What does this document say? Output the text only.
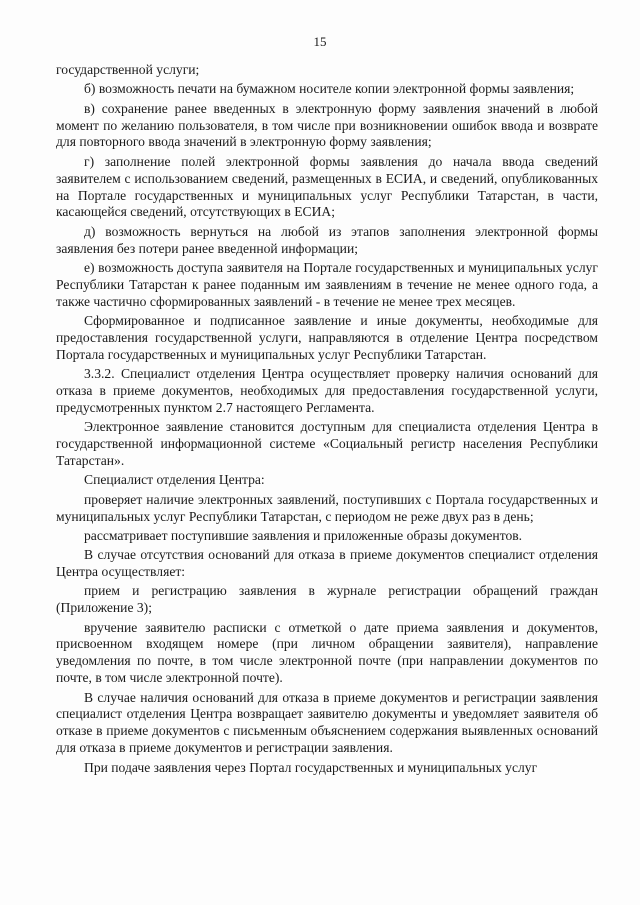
15

государственной услуги;

б) возможность печати на бумажном носителе копии электронной формы заявления;

в) сохранение ранее введенных в электронную форму заявления значений в любой момент по желанию пользователя, в том числе при возникновении ошибок ввода и возврате для повторного ввода значений в электронную форму заявления;

г) заполнение полей электронной формы заявления до начала ввода сведений заявителем с использованием сведений, размещенных в ЕСИА, и сведений, опубликованных на Портале государственных и муниципальных услуг Республики Татарстан, в части, касающейся сведений, отсутствующих в ЕСИА;

д) возможность вернуться на любой из этапов заполнения электронной формы заявления без потери ранее введенной информации;

е) возможность доступа заявителя на Портале государственных и муниципальных услуг Республики Татарстан к ранее поданным им заявлениям в течение не менее одного года, а также частично сформированных заявлений - в течение не менее трех месяцев.

Сформированное и подписанное заявление и иные документы, необходимые для предоставления государственной услуги, направляются в отделение Центра посредством Портала государственных и муниципальных услуг Республики Татарстан.

3.3.2. Специалист отделения Центра осуществляет проверку наличия оснований для отказа в приеме документов, необходимых для предоставления государственной услуги, предусмотренных пунктом 2.7 настоящего Регламента.

Электронное заявление становится доступным для специалиста отделения Центра в государственной информационной системе «Социальный регистр населения Республики Татарстан».

Специалист отделения Центра:

проверяет наличие электронных заявлений, поступивших с Портала государственных и муниципальных услуг Республики Татарстан, с периодом не реже двух раз в день;

рассматривает поступившие заявления и приложенные образы документов.

В случае отсутствия оснований для отказа в приеме документов специалист отделения Центра осуществляет:

прием и регистрацию заявления в журнале регистрации обращений граждан (Приложение 3);

вручение заявителю расписки с отметкой о дате приема заявления и документов, присвоенном входящем номере (при личном обращении заявителя), направление уведомления по почте, в том числе электронной почте (при направлении документов по почте, в том числе электронной почте).

В случае наличия оснований для отказа в приеме документов и регистрации заявления специалист отделения Центра возвращает заявителю документы и уведомляет заявителя об отказе в приеме документов с письменным объяснением содержания выявленных оснований для отказа в приеме документов и регистрации заявления.

При подаче заявления через Портал государственных и муниципальных услуг
